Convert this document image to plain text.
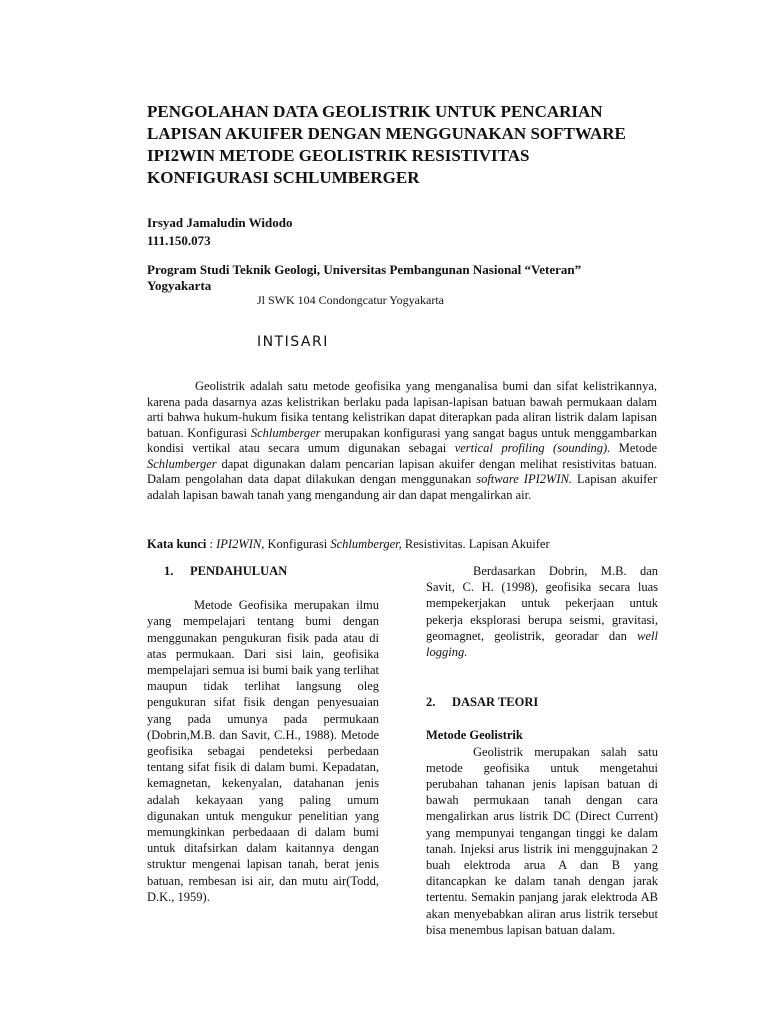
PENGOLAHAN DATA GEOLISTRIK UNTUK PENCARIAN
LAPISAN AKUIFER DENGAN MENGGUNAKAN SOFTWARE
IPI2WIN METODE GEOLISTRIK RESISTIVITAS
KONFIGURASI SCHLUMBERGER
Irsyad Jamaludin Widodo
111.150.073
Program Studi Teknik Geologi, Universitas Pembangunan Nasional “Veteran”
Yogyakarta
Jl SWK 104 Condongcatur Yogyakarta
INTISARI

Geolistrik adalah satu metode geofisika yang menganalisa bumi dan sifat kelistrikannya, karena pada dasarnya azas kelistrikan berlaku pada lapisan-lapisan batuan bawah permukaan dalam arti bahwa hukum-hukum fisika tentang kelistrikan dapat diterapkan pada aliran listrik dalam lapisan batuan. Konfigurasi Schlumberger merupakan konfigurasi yang sangat bagus untuk menggambarkan kondisi vertikal atau secara umum digunakan sebagai vertical profiling (sounding). Metode Schlumberger dapat digunakan dalam pencarian lapisan akuifer dengan melihat resistivitas batuan. Dalam pengolahan data dapat dilakukan dengan menggunakan software IPI2WIN. Lapisan akuifer adalah lapisan bawah tanah yang mengandung air dan dapat mengalirkan air.

Kata kunci : IPI2WIN, Konfigurasi Schlumberger, Resistivitas. Lapisan Akuifer

1. PENDAHULUAN

Metode Geofisika merupakan ilmu yang mempelajari tentang bumi dengan menggunakan pengukuran fisik pada atau di atas permukaan. Dari sisi lain, geofisika mempelajari semua isi bumi baik yang terlihat maupun tidak terlihat langsung oleg pengukuran sifat fisik dengan penyesuaian yang pada umunya pada permukaan (Dobrin,M.B. dan Savit, C.H., 1988). Metode geofisika sebagai pendeteksi perbedaan tentang sifat fisik di dalam bumi. Kepadatan, kemagnetan, kekenyalan, datahanan jenis adalah kekayaan yang paling umum digunakan untuk mengukur penelitian yang memungkinkan perbedaaan di dalam bumi untuk ditafsirkan dalam kaitannya dengan struktur mengenai lapisan tanah, berat jenis batuan, rembesan isi air, dan mutu air(Todd, D.K., 1959).

Berdasarkan Dobrin, M.B. dan Savit, C. H. (1998), geofisika secara luas mempekerjakan untuk pekerjaan untuk pekerja eksplorasi berupa seismi, gravitasi, geomagnet, geolistrik, georadar dan well logging.

2. DASAR TEORI

Metode Geolistrik

Geolistrik merupakan salah satu metode geofisika untuk mengetahui perubahan tahanan jenis lapisan batuan di bawah permukaan tanah dengan cara mengalirkan arus listrik DC (Direct Current) yang mempunyai tengangan tinggi ke dalam tanah. Injeksi arus listrik ini menggujnakan 2 buah elektroda arua A dan B yang ditancapkan ke dalam tanah dengan jarak tertentu. Semakin panjang jarak elektroda AB akan menyebabkan aliran arus listrik tersebut bisa menembus lapisan batuan dalam.
